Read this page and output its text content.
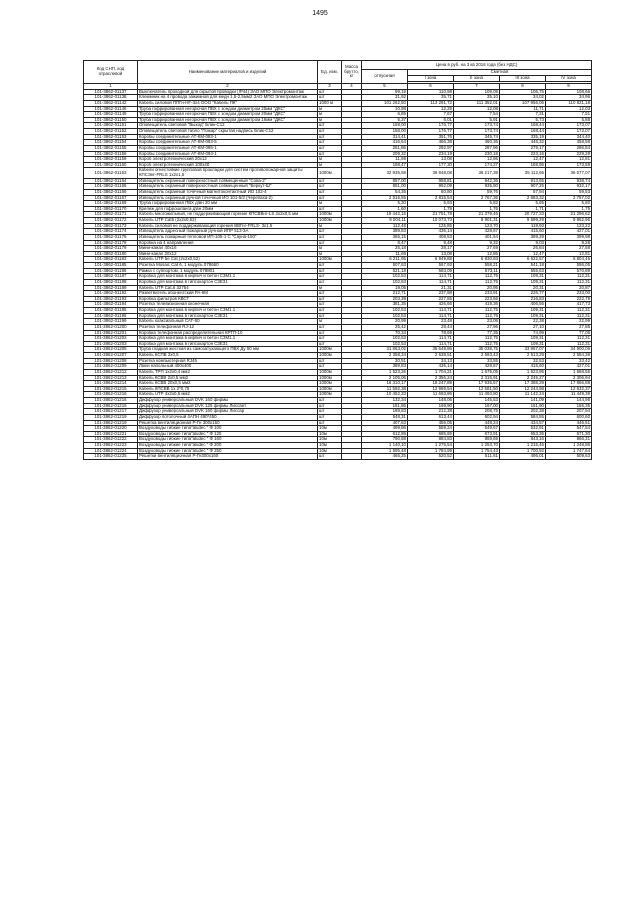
1495
Код СНП, код отраслевой	Наименование материалов и изделий	Ед. изм.	Масса брутто, кг	Цена в руб. на 3 кв 2016 года (без НДС)				
				отпускная	Сметная			
					I зона	II зона	III зона	IV зона

1	2	3	4	5	6	7	8	9
101-3862-01137	Выключатель проходной для скрытой проводки (IP44) ЗАО МПО Электромонтаж	шт		99,19	110,98	109,08	106,75	108,66
101-3862-01138	Клеммник на 4 провода зажимной для медн 1,5-2,5мм2 ЗАО МПО Электромонтаж	шт		31,92	35,71	35,10	34,02	34,96
101-3862-01142	Кабель силовой ППГн-НF-3х4 ООО "Кабель ПК"	1000 м		101 262,50	113 291,72	111 352,01	107 956,06	110 821,18
101-3862-01146	Труба гофрированная негорючая ПВХ с зондом диаметром 25мм "ДКС"	м		10,98	12,29	12,08	11,71	12,03
101-3862-01149	Труба гофрированная негорючая ПВХ с зондом диаметром 20мм "ДКС"	м		6,86	7,67	7,54	7,31	7,51
101-3862-01150	Труба гофрированная негорючая ПВХ с зондом диаметром 16мм "ДКС"	м		5,37	6,01	5,91	5,73	5,88
101-3862-01151	Оповещатель световой "Выход" Блик-С12	шт		158,00	176,77	173,74	168,44	173,07
101-3862-01152	Оповещатель световой табло "Пожар" скрытая надпись Блик-С12	шт		158,00	176,77	173,74	168,44	173,07
101-3862-01153	Коробы соединительные АТ-КМ-093-1	шт		314,41	351,76	345,74	335,19	344,40
101-3862-01154	Коробы соединительные АТ-КМ-093-5	шт		416,64	466,38	460,36	446,32	458,58
101-3862-01155	Коробы соединительные АТ-КМ-095-1	шт		261,86	292,97	287,96	279,17	286,84
101-3862-01156	Коробы соединительные АТ-КМ-094-1	шт		209,32	234,19	230,18	223,16	229,29
101-3862-01159	Короб электротехнический 20х12	м		11,69	13,08	12,86	12,47	12,81
101-3862-01160	Короб электротехнический 100х40	м		158,47	177,30	174,27	168,95	173,59
101-3862-01163	Кабели огнестойкие групповой прокладки для систем противопожарной защиты КПСЭнг-FRLS 1х2х1,5	1000м		32 935,58	36 848,08	36 217,39	35 112,66	36 077,07
101-3862-01164	Извещатель охранный поверхностный совмещенный "Сова-2"	шт		857,00	958,81	942,36	913,65	938,74
101-3862-01165	Извещатель охранный поверхностный совмещенный "Беркут-Ш"	шт		851,00	952,09	935,80	907,25	932,17
101-3862-01166	Извещатель охранный точечный магнитоконтактный ИО 102-4	шт		54,35	60,80	59,76	57,94	59,53
101-3862-01167	Извещатель охранный ручной точечный ИО 101-5/2 (Черепаха-2)	шт		2 516,55	2 815,54	2 767,36	2 683,32	2 757,02
101-3862-01169	Труба гофрированная ПВХ д\вн 20 мм	м		5,30	5,93	5,82	5,65	5,80
101-3862-01170	Крепеж для гофрошланга д\вн 20мм	шт		1,60	1,79	1,76	1,71	1,75
101-3862-01171	Кабель многожильный, не поддерживающий горение КПСВВнг-LS 2х2х0,5 мм	1000м		19 442,16	21 751,78	21 379,46	20 727,33	21 296,62
101-3862-01172	Кабель UTP Cat5 (2х2х0,52)	1000м		9 004,11	10 073,73	9 901,31	9 599,29	9 862,95
101-3862-01173	Кабель силовой не поддерживающий горения ВВГнг-FRLS- 3х1.5	м		112,48	125,85	123,70	119,93	123,22
101-3862-01174	Извещатель адресный пожарный ручной ИПР 513-3А	шт		389,83	436,14	428,67	415,60	427,01
101-3862-01175	Извещатель пожарный тепловой ИП-105-1 С "Сауна-150"	шт		365,15	408,53	401,54	389,29	399,98
101-3862-01178	Коробка на 4 направления	шт		8,47	9,48	9,32	9,03	9,28
101-3862-01179	Мини-канал 40х16	м		25,18	28,17	27,69	26,84	27,58
101-3862-01180	Мини-канал 20х12	м		11,69	13,08	12,86	12,47	12,81
101-3862-01183	Кабель UTP 5e Cat (2х2х0,52)	1000м		6 211,95	6 949,88	6 830,93	6 622,57	6 804,46
101-3862-01185	Розетка Mosaic Cat 6, 1 модуль 078660	шт		507,63	567,93	558,21	541,18	556,05
101-3862-01186	Рамка с суппортом, 1 модуль 078801	шт		521,18	583,09	573,11	555,63	570,89
101-3862-01187	Коробка для монтажа в кирпич и бетон С3М1.1	шт		102,53	114,71	112,75	109,31	112,31
101-3862-01188	Коробка для монтажа в гипсокартон С3Е31	шт		102,53	114,71	112,75	109,31	112,31
101-3862-01189	Кабель UTP Cat.6 32754	м		19,05	21,31	20,95	20,31	20,87
101-3862-01192	Разветвитель абонентский РА-6М	шт		212,71	237,98	233,91	226,77	233,00
101-3862-01193	Коробка фильтров КВСТ	шт		203,39	227,55	223,66	216,83	222,79
101-3862-01194	Розетка телевизионная оконечная	шт		381,35	426,66	419,36	406,56	417,73
101-3862-01195	Коробка для монтажа в кирпич и бетон С3М1.1	шт		102,53	114,71	112,75	109,31	112,31
101-3862-01196	Коробка для монтажа в гипсокартон С3Е31	шт		102,53	114,71	112,75	109,31	112,31
101-3862-01199	Кабель коаксиальный САТ-50	м		20,99	23,48	23,08	22,38	22,99
101-3862-01200	Розетка телефонная RJ-12	шт		25,42	28,44	27,96	27,10	27,85
101-3862-01201	Коробка телефонная распределительная КРТП-10	шт		70,34	78,69	77,35	74,99	77,05
101-3862-01202	Коробка для монтажа в кирпич и бетон С3М1.1	шт		102,53	114,71	112,75	109,31	112,31
101-3862-01203	Коробка для монтажа в гипсокартон С3Е31	шт		102,53	114,71	112,75	109,31	112,31
101-3862-01205	Труба гладкая жесткая из самозатухающего ПВХ Ду 50 мм	1000м		31 863,02	35 648,86	35 038,75	33 967,07	34 900,06
101-3862-01207	Кабель КСПВ 2х0,5	1000м		2 358,34	2 638,51	2 593,43	2 513,29	2 584,38
101-3862-01208	Розетка компьютерная RJ45	шт		30,51	34,13	33,55	32,53	33,42
101-3862-01209	Люки напольный 400х400	шт		389,83	436,14	428,67	415,60	427,01
101-3862-01212	Кабель ТРП 1х2х0,4 мм2	1000м		1 523,26	1 704,21	1 675,05	1 623,95	1 668,56
101-3862-01213	Кабель КСВВ 2х0,5 мм2	1000м		2 105,06	2 356,24	2 315,91	2 245,27	2 306,94
101-3862-01214	Кабель КСВВ 20х0,5 мм2	1000м		16 310,17	18 247,89	17 935,57	17 388,29	17 866,88
101-3862-01215	Кабель КПСВВ 1х 2*0,75	1000м		11 592,38	12 969,54	12 581,50	12 244,98	12 632,37
101-3862-01216	Кабель UTP 4х2х0,5 мм2	1000м		10 452,33	11 693,86	11 493,80	11 142,24	11 449,39
101-3862-01216	Диффузор универсальный DVK 160 фирмы	шт		132,34	148,06	145,53	141,09	144,96
101-3862-01216	Диффузор универсальный DVK 125 фирмы Лиссант	шт		151,86	169,90	167,00	161,90	166,35
101-3862-01217	Диффузор универсальный DVK 160 фирмы Лиссар	шт		189,83	212,38	208,75	202,38	207,94
101-3862-01219	Диффузор потолочный 4АПН 490*450	шт		548,31	613,44	602,94	584,55	600,60
101-3862-01219	Решетка вентиляционная Р-Гн 300х150	шт		407,63	456,05	448,24	434,57	446,51
101-3862-01220	Воздуховоды гибкие типа"aludec " Ф 100	10м		499,86	559,24	549,67	532,91	547,54
101-3862-01221	Воздуховоды гибкие типа"aludec " Ф 125	10м		612,85	685,65	673,91	653,36	671,30
101-3862-01222	Воздуховоды гибкие типа"aludec " Ф 160	10м		790,88	884,83	869,69	843,16	866,31
101-3862-01223	Воздуховоды гибкие типа"aludec " Ф 200	10м		1 140,10	1 275,54	1 253,70	1 215,46	1 248,86
101-3862-01224	Воздуховоды гибкие типа"aludec " Ф 250	10м		1 595,48	1 784,99	1 754,43	1 700,92	1 747,64
101-3862-01225	Решетки вентиляционная Р-Гн300х160	шт		465,25	520,52	511,61	496,01	509,63
